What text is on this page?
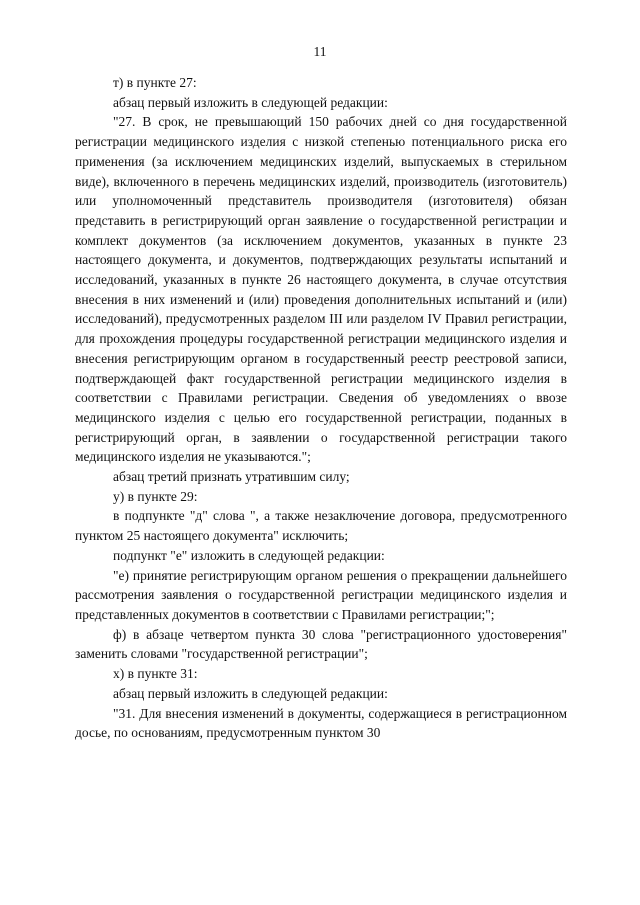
11

т) в пункте 27:

абзац первый изложить в следующей редакции:

"27. В срок, не превышающий 150 рабочих дней со дня государственной регистрации медицинского изделия с низкой степенью потенциального риска его применения (за исключением медицинских изделий, выпускаемых в стерильном виде), включенного в перечень медицинских изделий, производитель (изготовитель) или уполномоченный представитель производителя (изготовителя) обязан представить в регистрирующий орган заявление о государственной регистрации и комплект документов (за исключением документов, указанных в пункте 23 настоящего документа, и документов, подтверждающих результаты испытаний и исследований, указанных в пункте 26 настоящего документа, в случае отсутствия внесения в них изменений и (или) проведения дополнительных испытаний и (или) исследований), предусмотренных разделом III или разделом IV Правил регистрации, для прохождения процедуры государственной регистрации медицинского изделия и внесения регистрирующим органом в государственный реестр реестровой записи, подтверждающей факт государственной регистрации медицинского изделия в соответствии с Правилами регистрации. Сведения об уведомлениях о ввозе медицинского изделия с целью его государственной регистрации, поданных в регистрирующий орган, в заявлении о государственной регистрации такого медицинского изделия не указываются.";

абзац третий признать утратившим силу;

у) в пункте 29:

в подпункте "д" слова ", а также незаключение договора, предусмотренного пунктом 25 настоящего документа" исключить;

подпункт "е" изложить в следующей редакции:

"е) принятие регистрирующим органом решения о прекращении дальнейшего рассмотрения заявления о государственной регистрации медицинского изделия и представленных документов в соответствии с Правилами регистрации;";

ф) в абзаце четвертом пункта 30 слова "регистрационного удостоверения" заменить словами "государственной регистрации";

х) в пункте 31:

абзац первый изложить в следующей редакции:

"31. Для внесения изменений в документы, содержащиеся в регистрационном досье, по основаниям, предусмотренным пунктом 30
